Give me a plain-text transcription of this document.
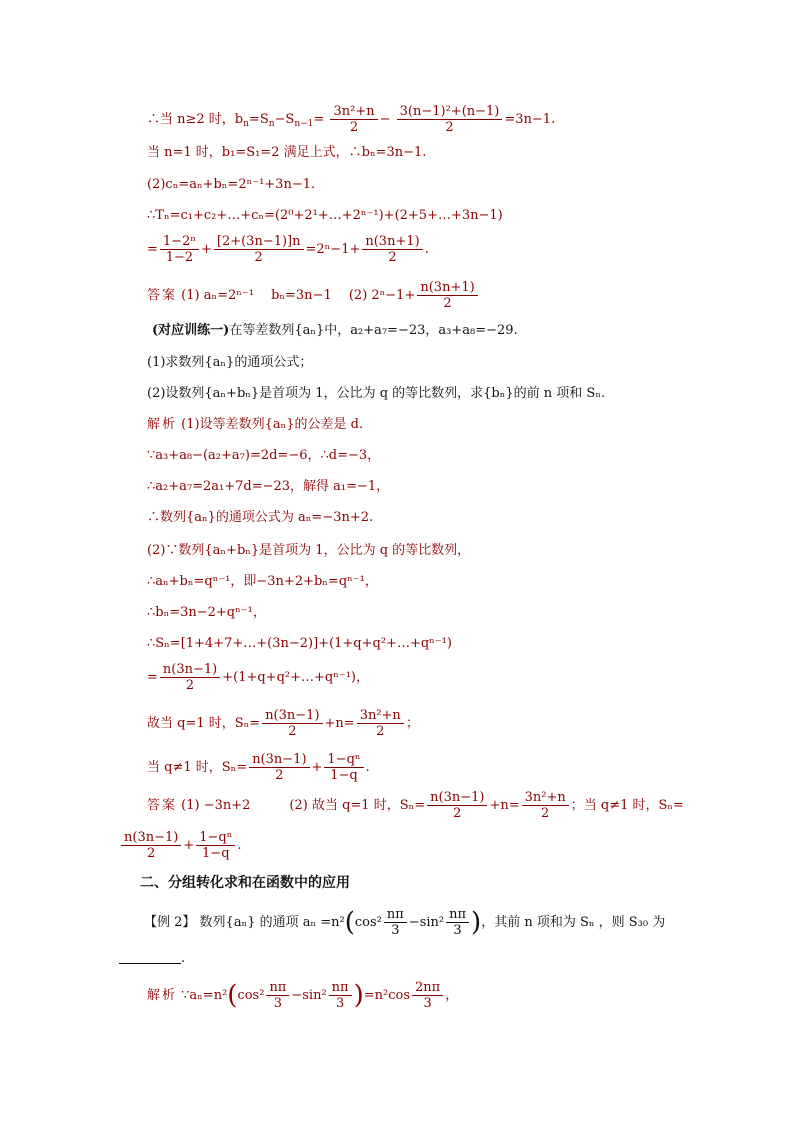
∴当 n≥2 时，$b_n=S_n-S_{n-1}= \frac{\text{3n²+n}}{2} - \frac{\text{3(n−1)²+(n−1)}}{2} =3n-1$.
当 n=1 时，b₁=S₁=2 满足上式，∴bₙ=3n−1.
(2)cₙ=aₙ+bₙ=2ⁿ⁻¹+3n−1.
∴Tₙ=c₁+c₂+…+cₙ=(2⁰+2¹+…+2ⁿ⁻¹)+(2+5+…+3n−1)
= $\frac{\text{1−2ⁿ}}{1-2} + \frac{[2+(3n-1)]n}{2} =2^n-1+ \frac{n(3n+1)}{2}$ .
答案 (1) aₙ=2ⁿ⁻¹　 bₙ=3n−1　 (2) $2^n-1+ \frac{n(3n+1)}{2}$
(对应训练一)在等差数列{aₙ}中，a₂+a₇=−23，a₃+a₈=−29.
(1)求数列{aₙ}的通项公式；
(2)设数列{aₙ+bₙ}是首项为 1，公比为 q 的等比数列，求{bₙ}的前 n 项和 Sₙ.
解析 (1)设等差数列{aₙ}的公差是 d.
∵a₃+a₈−(a₂+a₇)=2d=−6，∴d=−3，
∴a₂+a₇=2a₁+7d=−23，解得 a₁=−1，
∴数列{aₙ}的通项公式为 aₙ=−3n+2.
(2)∵数列{aₙ+bₙ}是首项为 1，公比为 q 的等比数列，
∴aₙ+bₙ=qⁿ⁻¹，即−3n+2+bₙ=qⁿ⁻¹，
∴bₙ=3n−2+qⁿ⁻¹，
∴Sₙ=[1+4+7+…+(3n−2)]+(1+q+q²+…+qⁿ⁻¹)
= $\frac{n(3n-1)}{2}$ +(1+q+q²+…+qⁿ⁻¹)，
故当 q=1 时，$S_n= \frac{n(3n-1)}{2} +n= \frac{\text{3n²+n}}{2}$ ；
当 q≠1 时，$S_n= \frac{n(3n-1)}{2} + \frac{\text{1−qⁿ}}{1-q}$ .
答案 (1) −3n+2　　　(2) 故当 q=1 时，$S_n= \frac{n(3n-1)}{2} +n= \frac{\text{3n²+n}}{2}$ ；当 q≠1 时，Sₙ=
$\frac{n(3n-1)}{2} + \frac{\text{1−qⁿ}}{1-q}$ .
二、分组转化求和在函数中的应用
【例 2】 数列{aₙ} 的通项 $a_n =n^2(\cos^2 \frac{n\pi}{3} -\sin^2 \frac{n\pi}{3}$ )，其前 n 项和为 Sₙ ，则 S₃₀ 为
.
解析 ∵aₙ=n²(cos² $\frac{n\pi}{3} -\sin^2 \frac{n\pi}{3} )=n^2\cos \frac{2n\pi}{3}$ ，
